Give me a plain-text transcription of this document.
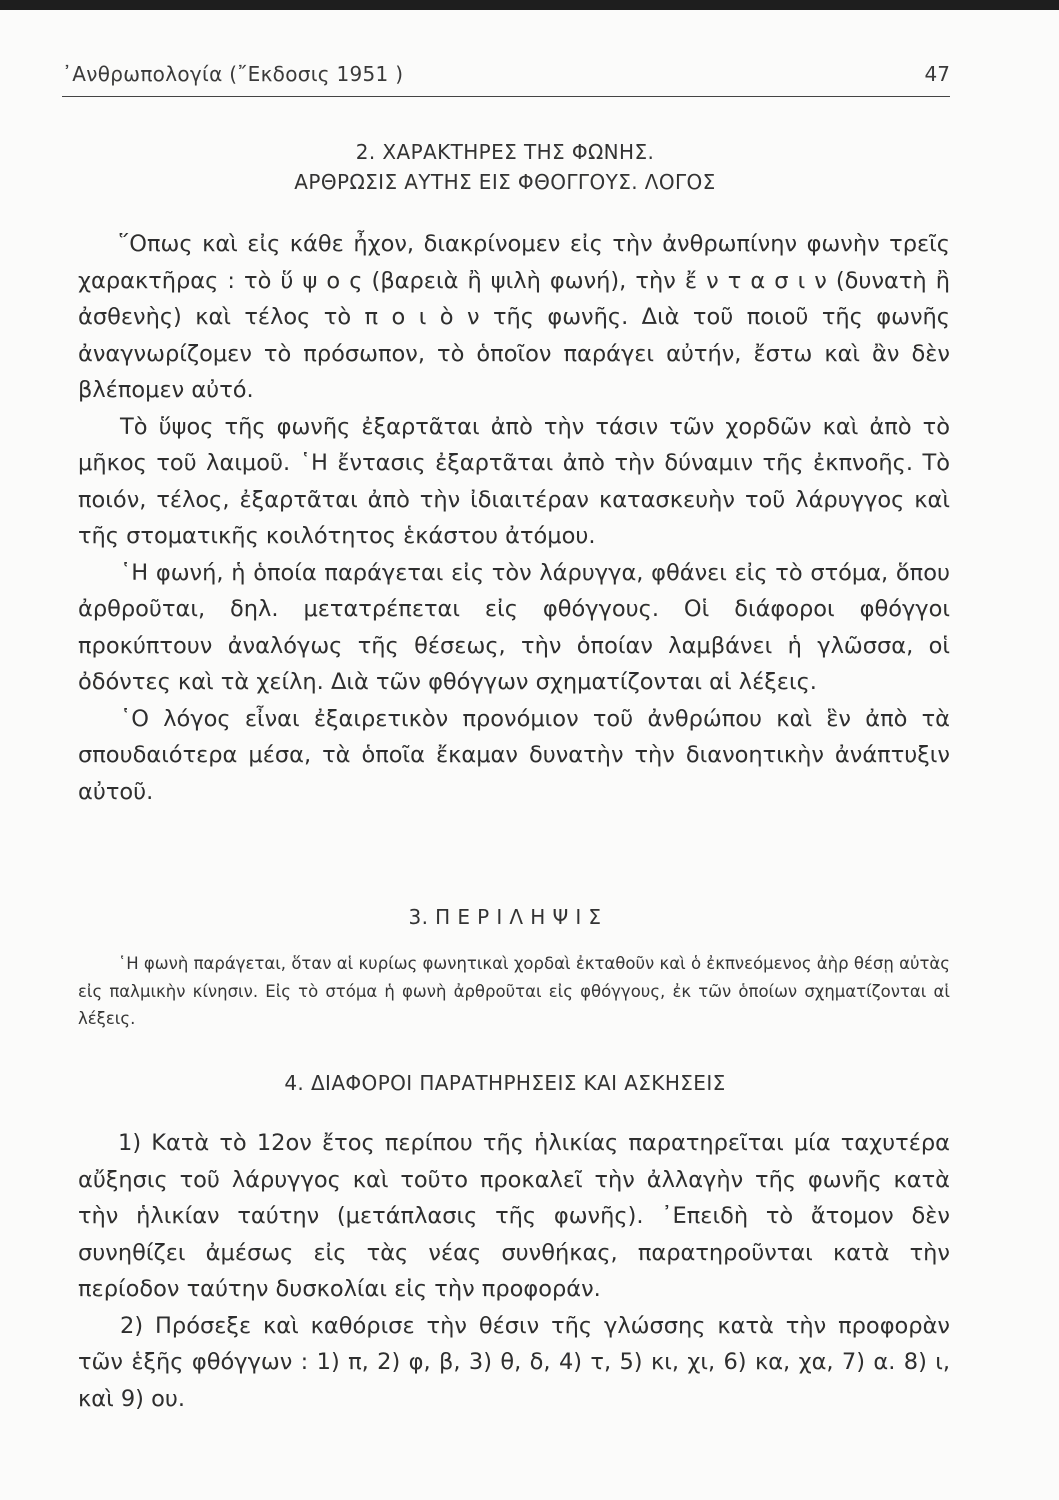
᾿Ανθρωπολογία (῎Εκδοσις 1951 )	47
2. ΧΑΡΑΚΤΗΡΕΣ ΤΗΣ ΦΩΝΗΣ.
ΑΡΘΡΩΣΙΣ ΑΥΤΗΣ ΕΙΣ ΦΘΟΓΓΟΥΣ. ΛΟΓΟΣ

῞Οπως καὶ εἰς κάθε ἦχον, διακρίνομεν εἰς τὴν ἀνθρωπίνην φωνὴν τρεῖς χαρακτῆρας : τὸ ὕ ψ ο ς (βαρειὰ ἢ ψιλὴ φωνή), τὴν ἔ ν τ α σ ι ν (δυνατὴ ἢ ἀσθενὴς) καὶ τέλος τὸ π ο ι ὸ ν τῆς φωνῆς. Διὰ τοῦ ποιοῦ τῆς φωνῆς ἀναγνωρίζομεν τὸ πρόσωπον, τὸ ὁποῖον παράγει αὐτήν, ἔστω καὶ ἂν δὲν βλέπομεν αὐτό.

Τὸ ὕψος τῆς φωνῆς ἐξαρτᾶται ἀπὸ τὴν τάσιν τῶν χορδῶν καὶ ἀπὸ τὸ μῆκος τοῦ λαιμοῦ. ῾Η ἔντασις ἐξαρτᾶται ἀπὸ τὴν δύναμιν τῆς ἐκπνοῆς. Τὸ ποιόν, τέλος, ἐξαρτᾶται ἀπὸ τὴν ἰδιαιτέραν κατασκευὴν τοῦ λάρυγγος καὶ τῆς στοματικῆς κοιλότητος ἑκάστου ἀτόμου.

῾Η φωνή, ἡ ὁποία παράγεται εἰς τὸν λάρυγγα, φθάνει εἰς τὸ στόμα, ὅπου ἀρθροῦται, δηλ. μετατρέπεται εἰς φθόγγους. Οἱ διάφοροι φθόγγοι προκύπτουν ἀναλόγως τῆς θέσεως, τὴν ὁποίαν λαμβάνει ἡ γλῶσσα, οἱ ὀδόντες καὶ τὰ χείλη. Διὰ τῶν φθόγγων σχηματίζονται αἱ λέξεις.

῾Ο λόγος εἶναι ἐξαιρετικὸν προνόμιον τοῦ ἀνθρώπου καὶ ἓν ἀπὸ τὰ σπουδαιότερα μέσα, τὰ ὁποῖα ἔκαμαν δυνατὴν τὴν διανοητικὴν ἀνάπτυξιν αὐτοῦ.

3. Π Ε Ρ Ι Λ Η Ψ Ι Σ

῾Η φωνὴ παράγεται, ὅταν αἱ κυρίως φωνητικαὶ χορδαὶ ἐκταθοῦν καὶ ὁ ἐκπνεόμενος ἀὴρ θέσῃ αὐτὰς εἰς παλμικὴν κίνησιν. Εἰς τὸ στόμα ἡ φωνὴ ἀρθροῦται εἰς φθόγγους, ἐκ τῶν ὁποίων σχηματίζονται αἱ λέξεις.

4. ΔΙΑΦΟΡΟΙ ΠΑΡΑΤΗΡΗΣΕΙΣ ΚΑΙ ΑΣΚΗΣΕΙΣ

1) Κατὰ τὸ 12ον ἔτος περίπου τῆς ἡλικίας παρατηρεῖται μία ταχυτέρα αὔξησις τοῦ λάρυγγος καὶ τοῦτο προκαλεῖ τὴν ἀλλαγὴν τῆς φωνῆς κατὰ τὴν ἡλικίαν ταύτην (μετάπλασις τῆς φωνῆς). ᾿Επειδὴ τὸ ἄτομον δὲν συνηθίζει ἀμέσως εἰς τὰς νέας συνθήκας, παρατηροῦνται κατὰ τὴν περίοδον ταύτην δυσκολίαι εἰς τὴν προφοράν.

2) Πρόσεξε καὶ καθόρισε τὴν θέσιν τῆς γλώσσης κατὰ τὴν προφορὰν τῶν ἑξῆς φθόγγων : 1) π, 2) φ, β, 3) θ, δ, 4) τ, 5) κι, χι, 6) κα, χα, 7) α. 8) ι, καὶ 9) ου.
